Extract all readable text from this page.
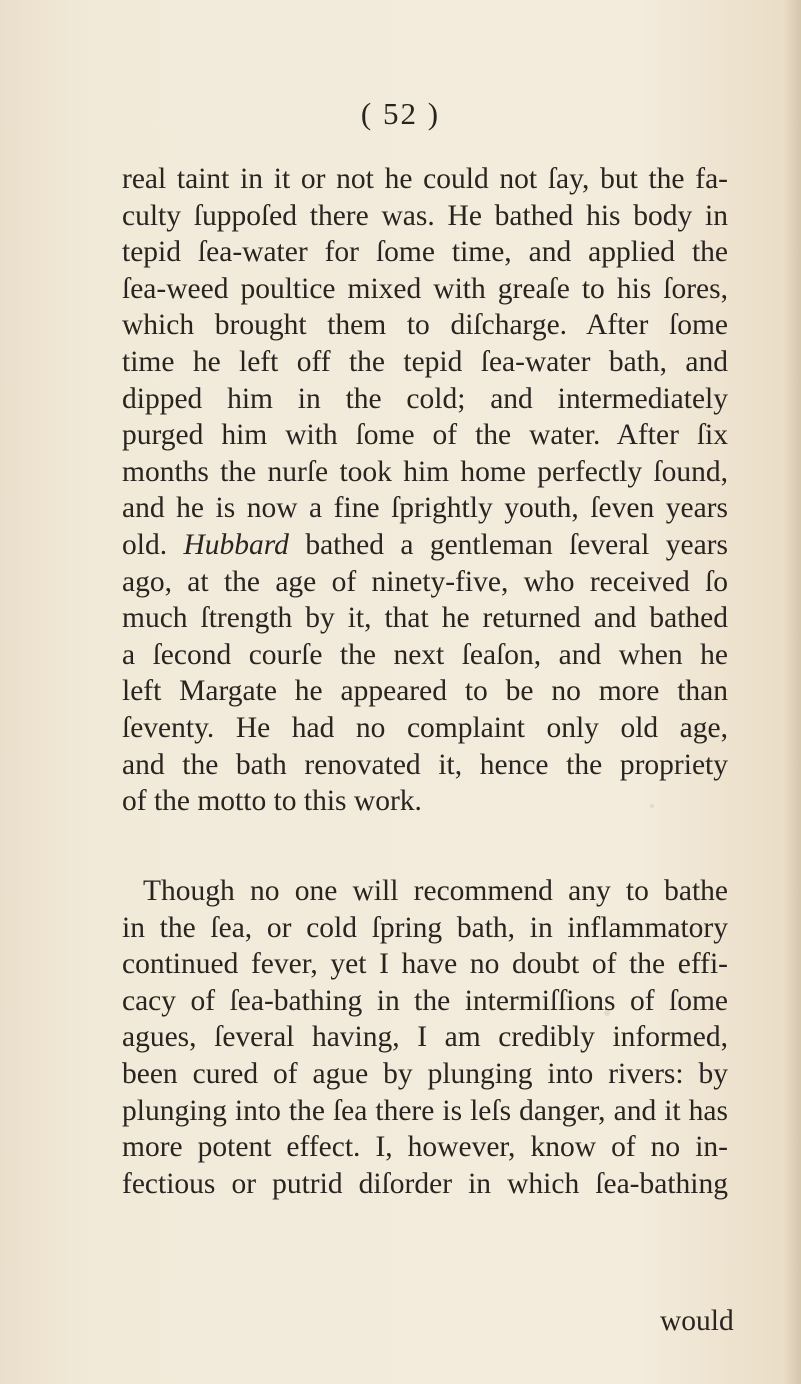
( 52 )
real taint in it or not he could not ſay, but the fa-
culty ſuppoſed there was. He bathed his body in
tepid ſea-water for ſome time, and applied the
ſea-weed poultice mixed with greaſe to his ſores,
which brought them to diſcharge. After ſome
time he left off the tepid ſea-water bath, and
dipped him in the cold; and intermediately
purged him with ſome of the water. After ſix
months the nurſe took him home perfectly ſound,
and he is now a fine ſprightly youth, ſeven years
old. Hubbard bathed a gentleman ſeveral years
ago, at the age of ninety-five, who received ſo
much ſtrength by it, that he returned and bathed
a ſecond courſe the next ſeaſon, and when he
left Margate he appeared to be no more than
ſeventy. He had no complaint only old age,
and the bath renovated it, hence the propriety
of the motto to this work.
Though no one will recommend any to bathe
in the ſea, or cold ſpring bath, in inflammatory
continued fever, yet I have no doubt of the effi-
cacy of ſea-bathing in the intermiſſions of ſome
agues, ſeveral having, I am credibly informed,
been cured of ague by plunging into rivers: by
plunging into the ſea there is leſs danger, and it has
more potent effect. I, however, know of no in-
fectious or putrid diſorder in which ſea-bathing
would
